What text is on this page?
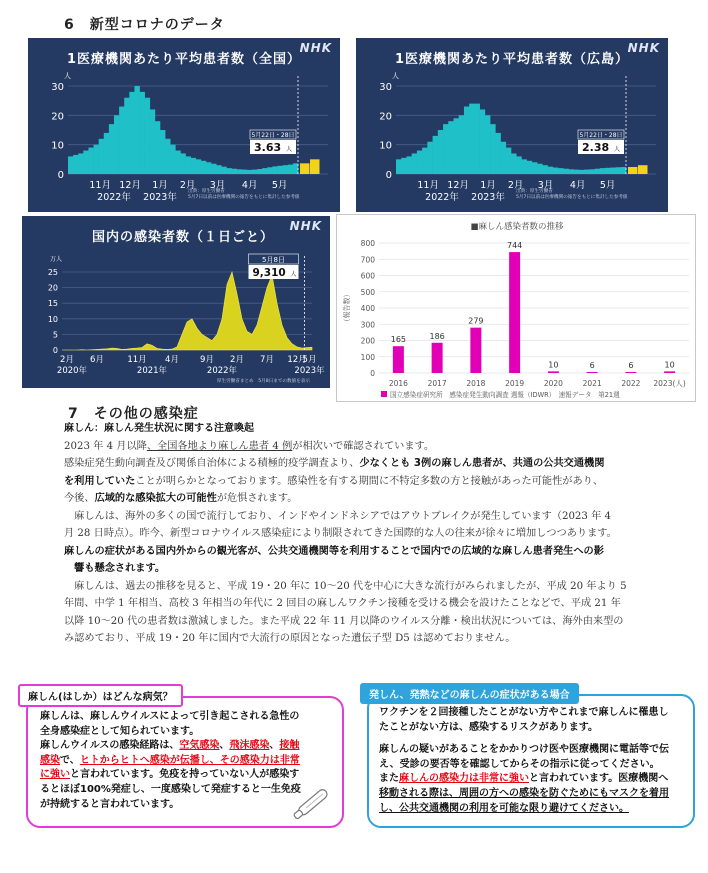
6　新型コロナのデータ
1医療機関あたり平均患者数（全国）
NHK
人
30
20
10
0
5月22日・28日
3.63 人
11月 12月 1月 2月 3月 4月 5月
2022年 2023年
出典：厚生労働省
5月7日以前は医療機関の報告をもとに集計した参考値
1医療機関あたり平均患者数（広島）
NHK
人
30
20
10
0
5月22日・28日
2.38 人
11月 12月 1月 2月 3月 4月 5月
2022年 2023年
出典：厚生労働省
5月7日以前は医療機関の報告をもとに集計した参考値
国内の感染者数（１日ごと）
NHK
万人
25
20
15
10
5
0
5月8日
9,310 人
2月 6月	11月 4月 9月 2月 7月 12月
5月
2020年	2021年	2022年	2023年
厚生労働省まとめ　5月8日までの数値を表示
■麻しん感染者数の推移
0
100
200
300
400
500
600
700
800
（報告数）
165
2016
186
2017
279
2018
744
2019
10
2020
6
2021
6
2022
10
2023(人)
国立感染症研究所　感染症発生動向調査 週報（IDWR）　速報データ　第21週
7　その他の感染症

麻しん：麻しん発生状況に関する注意喚起

2023 年 4 月以降、全国各地より麻しん患者 4 例が相次いで確認されています。

感染症発生動向調査及び関係自治体による積極的疫学調査より、少なくとも 3例の麻しん患者が、共通の公共交通機関

を利用していたことが明らかとなっております。感染性を有する期間に不特定多数の方と接触があった可能性があり、

今後、広域的な感染拡大の可能性が危惧されます。

　麻しんは、海外の多くの国で流行しており、インドやインドネシアではアウトブレイクが発生しています（2023 年 4

月 28 日時点）。昨今、新型コロナウイルス感染症により制限されてきた国際的な人の往来が徐々に増加しつつあります。

麻しんの症状がある国内外からの観光客が、公共交通機関等を利用することで国内での広域的な麻しん患者発生への影

　響も懸念されます。

　麻しんは、過去の推移を見ると、平成 19・20 年に 10～20 代を中心に大きな流行がみられましたが、平成 20 年より 5

年間、中学 1 年相当、高校 3 年相当の年代に 2 回目の麻しんワクチン接種を受ける機会を設けたことなどで、平成 21 年

以降 10～20 代の患者数は激減しました。また平成 22 年 11 月以降のウイルス分離・検出状況については、海外由来型の

み認めており、平成 19・20 年に国内で大流行の原因となった遺伝子型 D5 は認めておりません。

麻しんは、麻しんウイルスによって引き起こされる急性の
全身感染症として知られています。
麻しんウイルスの感染経路は、空気感染、飛沫感染、接触
感染で、ヒトからヒトへ感染が伝播し、その感染力は非常
に強いと言われています。免疫を持っていない人が感染す
るとほぼ100%発症し、一度感染して発症すると一生免疫
が持続すると言われています。
麻しん(はしか）はどんな病気？
ワクチンを２回接種したことがない方やこれまで麻しんに罹患し
たことがない方は、感染するリスクがあります。
麻しんの疑いがあることをかかりつけ医や医療機関に電話等で伝
え、受診の要否等を確認してからその指示に従ってください。
また麻しんの感染力は非常に強いと言われています。医療機関へ
移動される際は、周囲の方への感染を防ぐためにもマスクを着用
し、公共交通機関の利用を可能な限り避けてください。
発しん、発熱などの麻しんの症状がある場合
